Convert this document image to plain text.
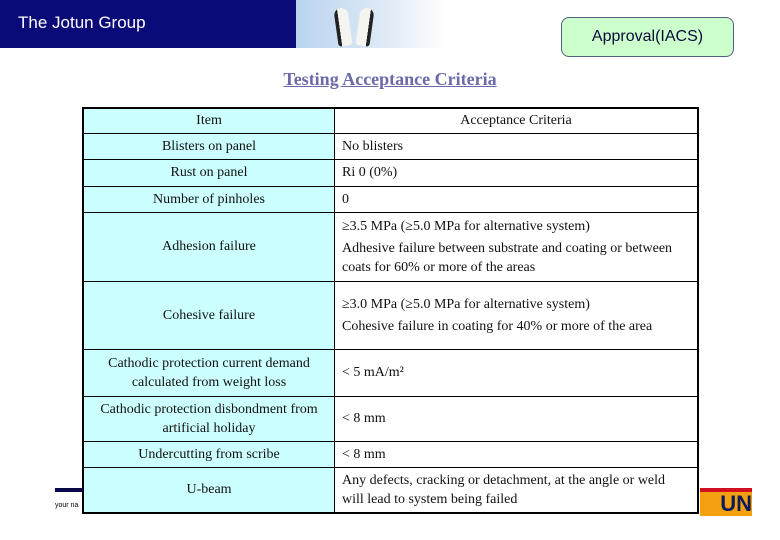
The Jotun Group
Approval(IACS)
Testing Acceptance Criteria
Item	Acceptance Criteria
Blisters on panel	No blisters

Rust on panel	Ri 0 (0%)

Number of pinholes	0

Adhesion failure	≥3.5 MPa (≥5.0 MPa for alternative system)
Adhesive failure between substrate and coating or between coats for 60% or more of the areas

Cohesive failure	≥3.0 MPa (≥5.0 MPa for alternative system)
Cohesive failure in coating for 40% or more of the area

Cathodic protection current demand calculated from weight loss	< 5 mA/m²

Cathodic protection disbondment from artificial holiday	< 8 mm

Undercutting from scribe	< 8 mm

U-beam	Any defects, cracking or detachment, at the angle or weld will lead to system being failed
your na	UN
